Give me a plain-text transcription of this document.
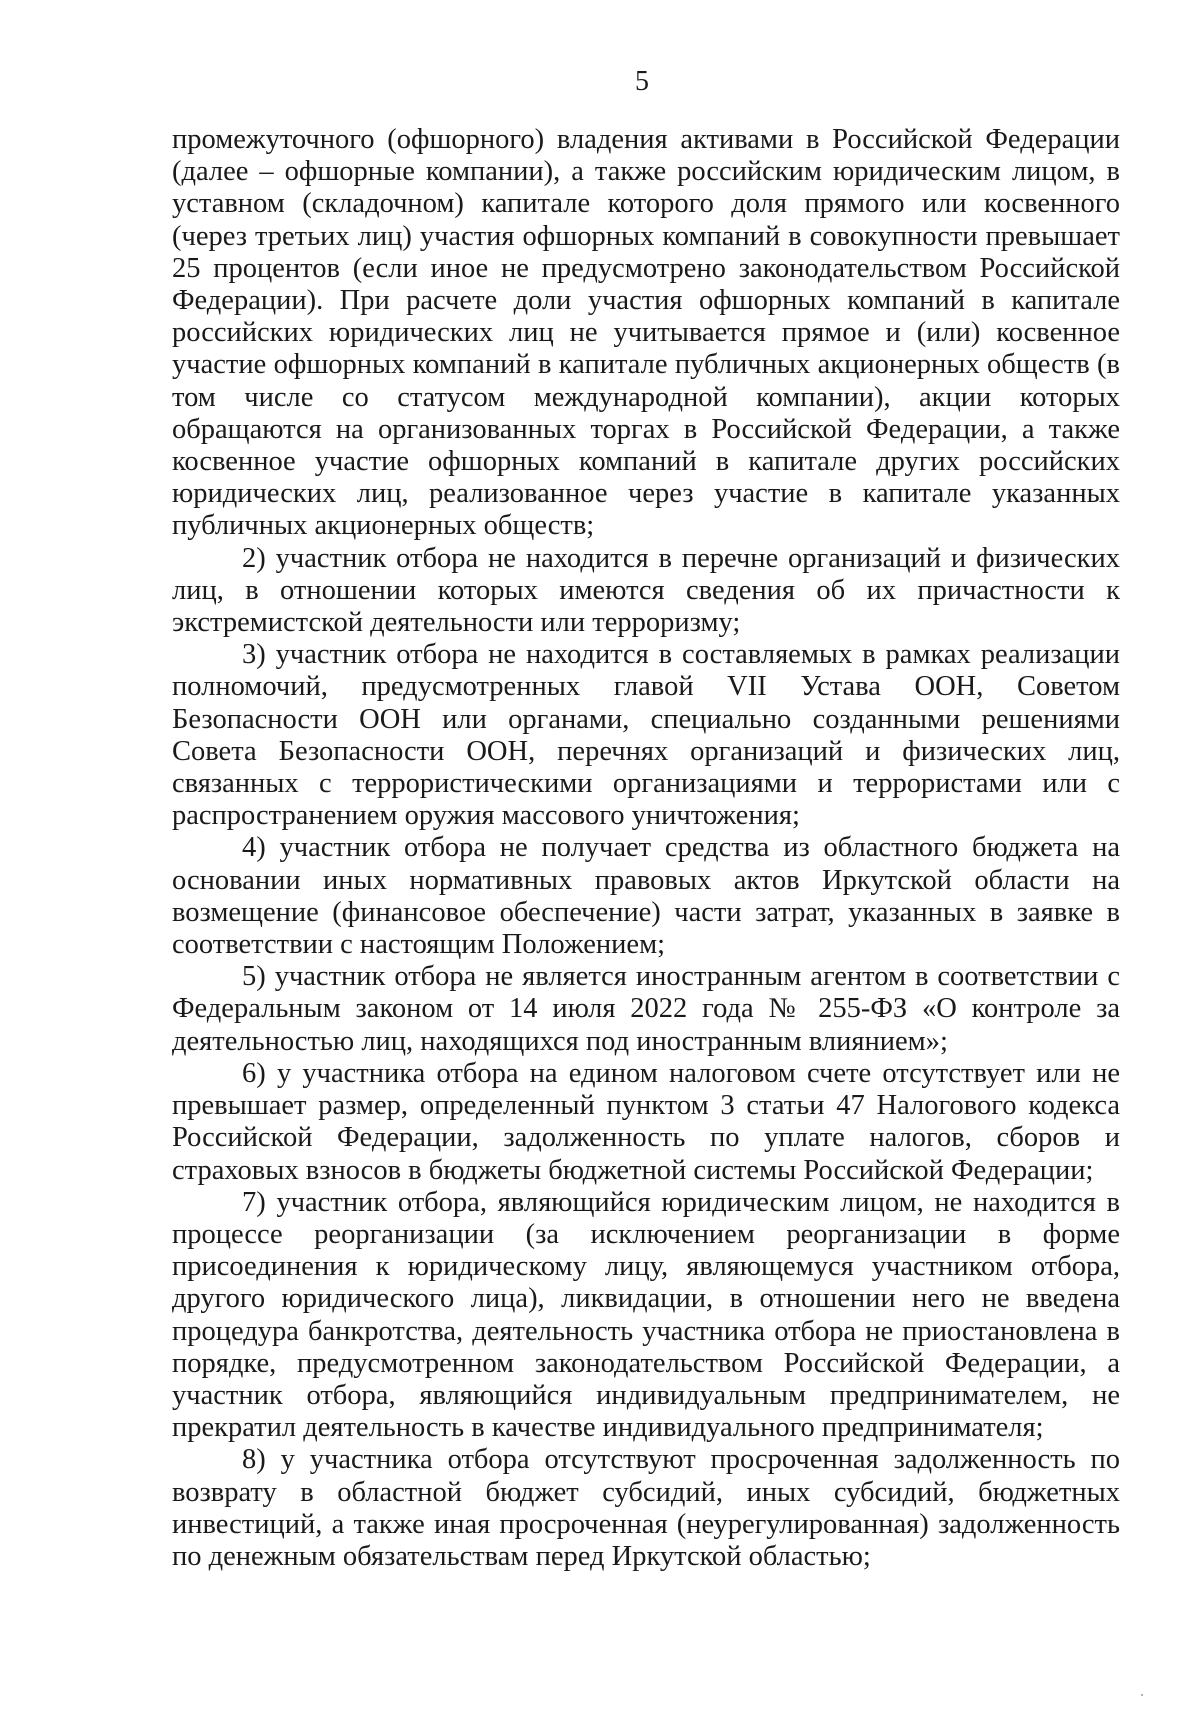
5

промежуточного (офшорного) владения активами в Российской Федерации (далее – офшорные компании), а также российским юридическим лицом, в уставном (складочном) капитале которого доля прямого или косвенного (через третьих лиц) участия офшорных компаний в совокупности превышает 25 процентов (если иное не предусмотрено законодательством Российской Федерации). При расчете доли участия офшорных компаний в капитале российских юридических лиц не учитывается прямое и (или) косвенное участие офшорных компаний в капитале публичных акционерных обществ (в том числе со статусом международной компании), акции которых обращаются на организованных торгах в Российской Федерации, а также косвенное участие офшорных компаний в капитале других российских юридических лиц, реализованное через участие в капитале указанных публичных акционерных обществ;

2) участник отбора не находится в перечне организаций и физических лиц, в отношении которых имеются сведения об их причастности к экстремистской деятельности или терроризму;

3) участник отбора не находится в составляемых в рамках реализации полномочий, предусмотренных главой VII Устава ООН, Советом Безопасности ООН или органами, специально созданными решениями Совета Безопасности ООН, перечнях организаций и физических лиц, связанных с террористическими организациями и террористами или с распространением оружия массового уничтожения;

4) участник отбора не получает средства из областного бюджета на основании иных нормативных правовых актов Иркутской области на возмещение (финансовое обеспечение) части затрат, указанных в заявке в соответствии с настоящим Положением;

5) участник отбора не является иностранным агентом в соответствии с Федеральным законом от 14 июля 2022 года № 255-ФЗ «О контроле за деятельностью лиц, находящихся под иностранным влиянием»;

6) у участника отбора на едином налоговом счете отсутствует или не превышает размер, определенный пунктом 3 статьи 47 Налогового кодекса Российской Федерации, задолженность по уплате налогов, сборов и страховых взносов в бюджеты бюджетной системы Российской Федерации;

7) участник отбора, являющийся юридическим лицом, не находится в процессе реорганизации (за исключением реорганизации в форме присоединения к юридическому лицу, являющемуся участником отбора, другого юридического лица), ликвидации, в отношении него не введена процедура банкротства, деятельность участника отбора не приостановлена в порядке, предусмотренном законодательством Российской Федерации, а участник отбора, являющийся индивидуальным предпринимателем, не прекратил деятельность в качестве индивидуального предпринимателя;

8) у участника отбора отсутствуют просроченная задолженность по возврату в областной бюджет субсидий, иных субсидий, бюджетных инвестиций, а также иная просроченная (неурегулированная) задолженность по денежным обязательствам перед Иркутской областью;
